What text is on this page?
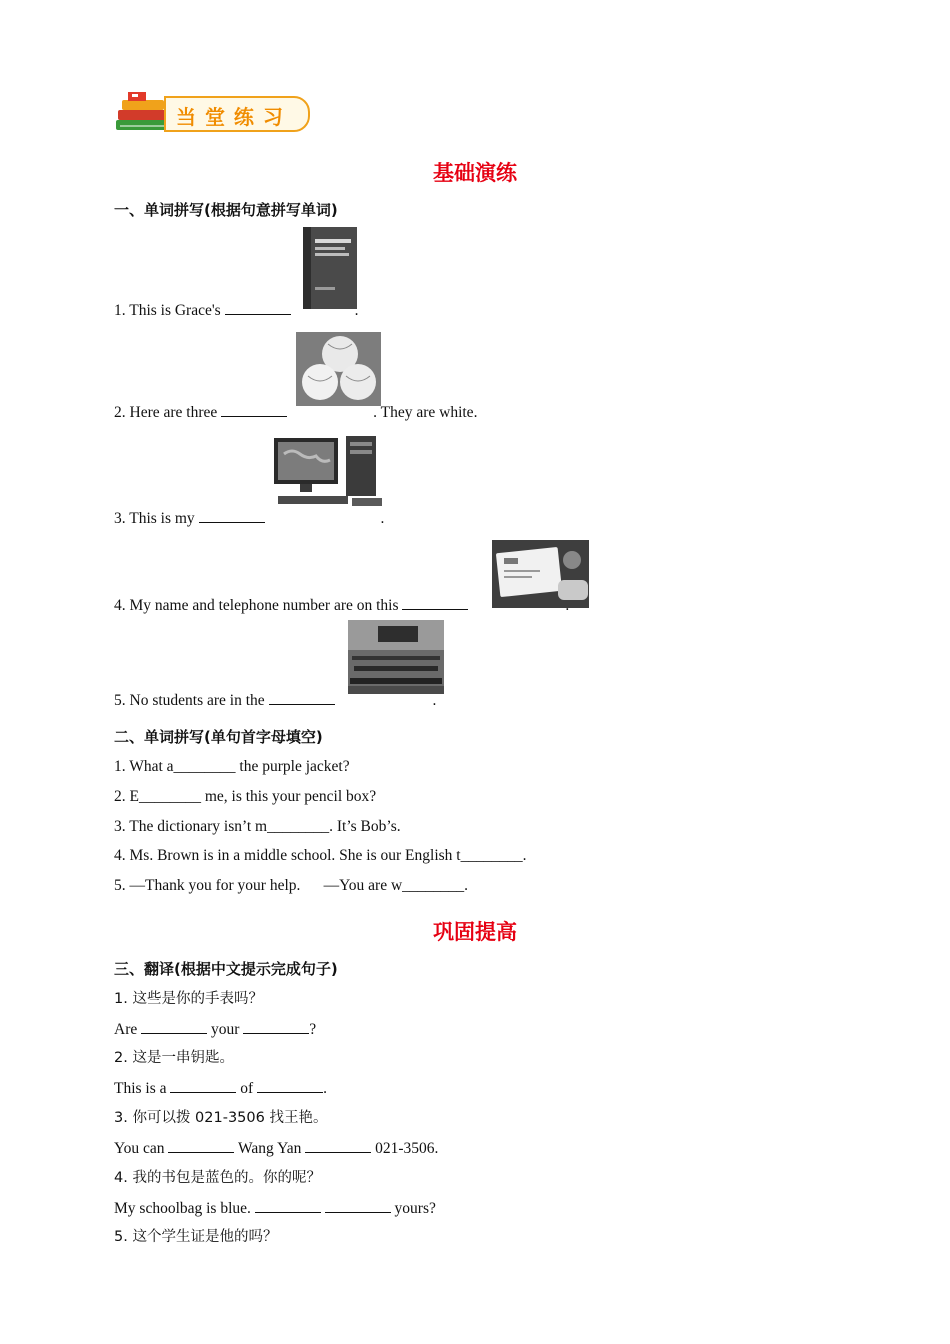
当 堂 练 习
基础演练
一、单词拼写(根据句意拼写单词)
1. This is Grace's	.
2. Here are three	. They are white.
3. This is my	.
4. My name and telephone number are on this	.
5. No students are in the	.
二、单词拼写(单句首字母填空)
1. What a________ the purple jacket?
2. E________ me, is this your pencil box?
3. The dictionary isn’t m________. It’s Bob’s.
4. Ms. Brown is in a middle school. She is our English t________.
5. —Thank you for your help.      —You are w________.
巩固提高
三、翻译(根据中文提示完成句子)
1. 这些是你的手表吗？
Are	your	?
2. 这是一串钥匙。
This is a	of	.
3. 你可以拨 021-3506 找王艳。
You can	Wang Yan	021-3506.
4. 我的书包是蓝色的。你的呢？
My schoolbag is blue.	yours?
5. 这个学生证是他的吗？
